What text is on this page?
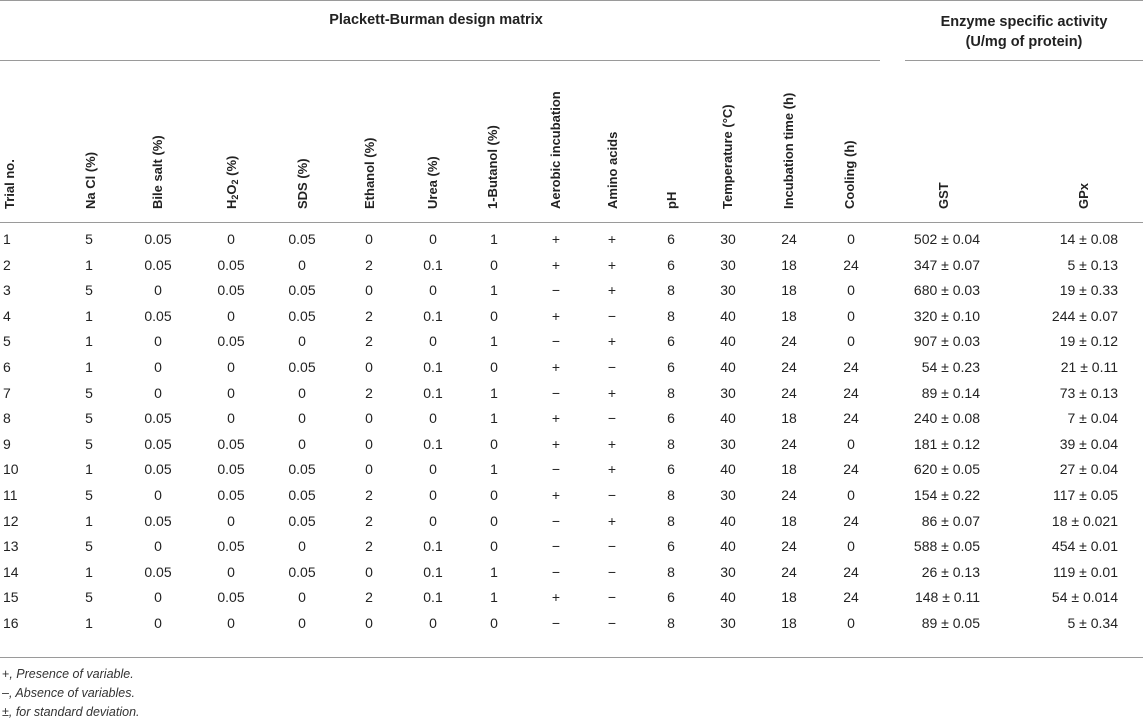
Plackett-Burman design matrix	Enzyme specific activity
(U/mg of protein)
Trial no.	Na Cl (%)	Bile salt (%)	$H_2O_2$ (%)	SDS (%)	Ethanol (%)	Urea (%)	1-Butanol (%)	Aerobic incubation	Amino acids	pH	Temperature (°C)	Incubation time (h)	Cooling (h)	GST	GPx
1	5	0.05	0	0.05	0	0	1	+	+	6	30	24	0	502 ± 0.04	14 ± 0.08
2	1	0.05	0.05	0	2	0.1	0	+	+	6	30	18	24	347 ± 0.07	5 ± 0.13
3	5	0	0.05	0.05	0	0	1	−	+	8	30	18	0	680 ± 0.03	19 ± 0.33
4	1	0.05	0	0.05	2	0.1	0	+	−	8	40	18	0	320 ± 0.10	244 ± 0.07
5	1	0	0.05	0	2	0	1	−	+	6	40	24	0	907 ± 0.03	19 ± 0.12
6	1	0	0	0.05	0	0.1	0	+	−	6	40	24	24	54 ± 0.23	21 ± 0.11
7	5	0	0	0	2	0.1	1	−	+	8	30	24	24	89 ± 0.14	73 ± 0.13
8	5	0.05	0	0	0	0	1	+	−	6	40	18	24	240 ± 0.08	7 ± 0.04
9	5	0.05	0.05	0	0	0.1	0	+	+	8	30	24	0	181 ± 0.12	39 ± 0.04
10	1	0.05	0.05	0.05	0	0	1	−	+	6	40	18	24	620 ± 0.05	27 ± 0.04
11	5	0	0.05	0.05	2	0	0	+	−	8	30	24	0	154 ± 0.22	117 ± 0.05
12	1	0.05	0	0.05	2	0	0	−	+	8	40	18	24	86 ± 0.07	18 ± 0.021
13	5	0	0.05	0	2	0.1	0	−	−	6	40	24	0	588 ± 0.05	454 ± 0.01
14	1	0.05	0	0.05	0	0.1	1	−	−	8	30	24	24	26 ± 0.13	119 ± 0.01
15	5	0	0.05	0	2	0.1	1	+	−	6	40	18	24	148 ± 0.11	54 ± 0.014
16	1	0	0	0	0	0	0	−	−	8	30	18	0	89 ± 0.05	5 ± 0.34
+, Presence of variable.
–, Absence of variables.
±, for standard deviation.
